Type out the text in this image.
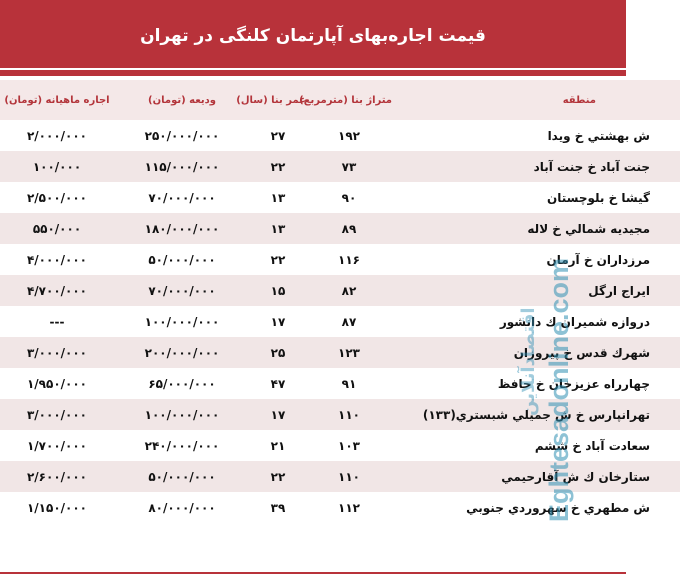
قیمت اجاره‌بهای آپارتمان کلنگی در تهران
منطقه	متراژ بنا (مترمربع)	عمر بنا (سال)	ودیعه (تومان)	اجاره ماهیانه (تومان)
ش بهشتي خ ويدا	۱۹۲	۲۷	۲۵۰/۰۰۰/۰۰۰	۲/۰۰۰/۰۰۰
جنت آباد خ جنت آباد	۷۳	۲۲	۱۱۵/۰۰۰/۰۰۰	۱۰۰/۰۰۰
گيشا خ بلوچستان	۹۰	۱۳	۷۰/۰۰۰/۰۰۰	۲/۵۰۰/۰۰۰
مجيديه شمالي خ لاله	۸۹	۱۳	۱۸۰/۰۰۰/۰۰۰	۵۵۰/۰۰۰
مرزداران خ آرمان	۱۱۶	۲۲	۵۰/۰۰۰/۰۰۰	۴/۰۰۰/۰۰۰
ايراج ارگل	۸۲	۱۵	۷۰/۰۰۰/۰۰۰	۴/۷۰۰/۰۰۰
دروازه شميران ك دانشور	۸۷	۱۷	۱۰۰/۰۰۰/۰۰۰	---
شهرك قدس خ پيروزان	۱۲۳	۲۵	۲۰۰/۰۰۰/۰۰۰	۳/۰۰۰/۰۰۰
چهارراه عزيزخان خ حافظ	۹۱	۴۷	۶۵/۰۰۰/۰۰۰	۱/۹۵۰/۰۰۰
تهرانپارس خ ش جميلي شبستري(۱۳۳)	۱۱۰	۱۷	۱۰۰/۰۰۰/۰۰۰	۳/۰۰۰/۰۰۰
سعادت آباد خ ششم	۱۰۳	۲۱	۲۴۰/۰۰۰/۰۰۰	۱/۷۰۰/۰۰۰
ستارخان ك ش آقارحيمي	۱۱۰	۲۲	۵۰/۰۰۰/۰۰۰	۲/۶۰۰/۰۰۰
ش مطهري خ سهروردي جنوبي	۱۱۲	۳۹	۸۰/۰۰۰/۰۰۰	۱/۱۵۰/۰۰۰	Eghtesadonline.com
اقتصادآنلاین
